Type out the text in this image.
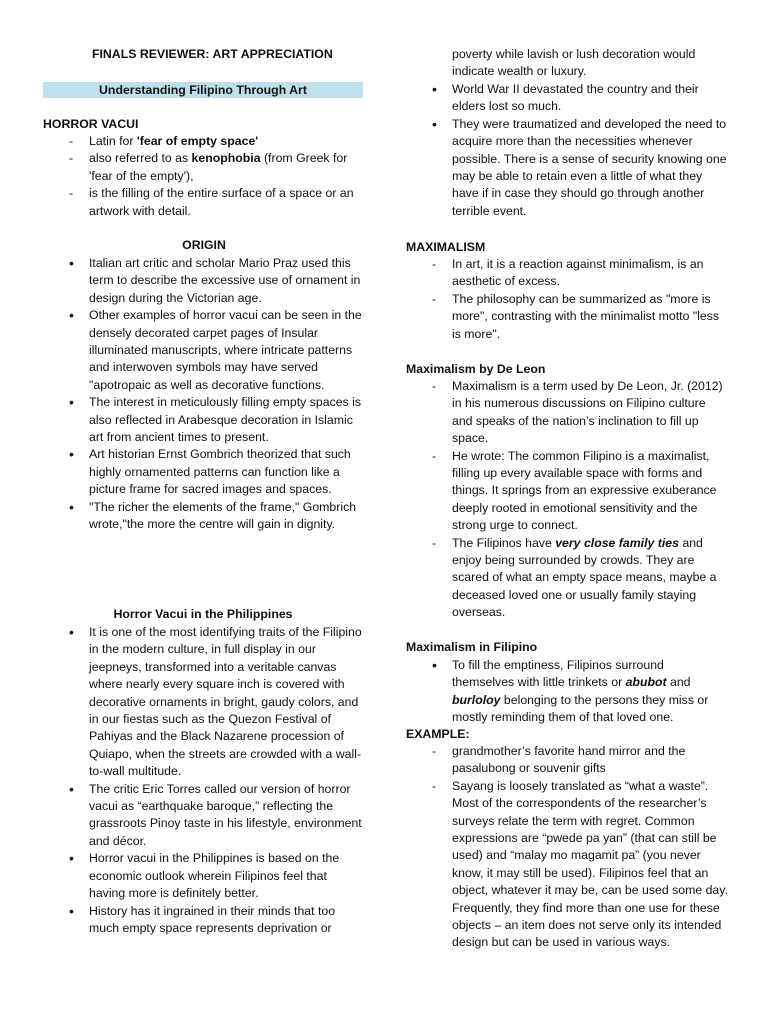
FINALS REVIEWER: ART APPRECIATION
Understanding Filipino Through Art
HORROR VACUI
- Latin for 'fear of empty space'
- also referred to as kenophobia (from Greek for 'fear of the empty'),
- is the filling of the entire surface of a space or an artwork with detail.
ORIGIN
• Italian art critic and scholar Mario Praz used this term to describe the excessive use of ornament in design during the Victorian age.
• Other examples of horror vacui can be seen in the densely decorated carpet pages of Insular illuminated manuscripts, where intricate patterns and interwoven symbols may have served "apotropaic as well as decorative functions.
• The interest in meticulously filling empty spaces is also reflected in Arabesque decoration in Islamic art from ancient times to present.
• Art historian Ernst Gombrich theorized that such highly ornamented patterns can function like a picture frame for sacred images and spaces.
• "The richer the elements of the frame," Gombrich wrote,"the more the centre will gain in dignity.
Horror Vacui in the Philippines
• It is one of the most identifying traits of the Filipino in the modern culture, in full display in our jeepneys, transformed into a veritable canvas where nearly every square inch is covered with decorative ornaments in bright, gaudy colors, and in our fiestas such as the Quezon Festival of Pahiyas and the Black Nazarene procession of Quiapo, when the streets are crowded with a wall-to-wall multitude.
• The critic Eric Torres called our version of horror vacui as “earthquake baroque,” reflecting the grassroots Pinoy taste in his lifestyle, environment and décor.
• Horror vacui in the Philippines is based on the economic outlook wherein Filipinos feel that having more is definitely better.
• History has it ingrained in their minds that too much empty space represents deprivation or
poverty while lavish or lush decoration would indicate wealth or luxury.
• World War II devastated the country and their elders lost so much.
• They were traumatized and developed the need to acquire more than the necessities whenever possible. There is a sense of security knowing one may be able to retain even a little of what they have if in case they should go through another terrible event.
MAXIMALISM
- In art, it is a reaction against minimalism, is an aesthetic of excess.
- The philosophy can be summarized as "more is more", contrasting with the minimalist motto "less is more".
Maximalism by De Leon
- Maximalism is a term used by De Leon, Jr. (2012) in his numerous discussions on Filipino culture and speaks of the nation’s inclination to fill up space.
- He wrote: The common Filipino is a maximalist, filling up every available space with forms and things. It springs from an expressive exuberance deeply rooted in emotional sensitivity and the strong urge to connect.
- The Filipinos have very close family ties and enjoy being surrounded by crowds. They are scared of what an empty space means, maybe a deceased loved one or usually family staying overseas.
Maximalism in Filipino
• To fill the emptiness, Filipinos surround themselves with little trinkets or abubot and
burloloy belonging to the persons they miss or mostly reminding them of that loved one.
EXAMPLE:
- grandmother’s favorite hand mirror and the pasalubong or souvenir gifts
- Sayang is loosely translated as “what a waste”. Most of the correspondents of the researcher’s surveys relate the term with regret. Common expressions are “pwede pa yan” (that can still be used) and “malay mo magamit pa” (you never know, it may still be used). Filipinos feel that an object, whatever it may be, can be used some day. Frequently, they find more than one use for these objects – an item does not serve only its intended design but can be used in various ways.
